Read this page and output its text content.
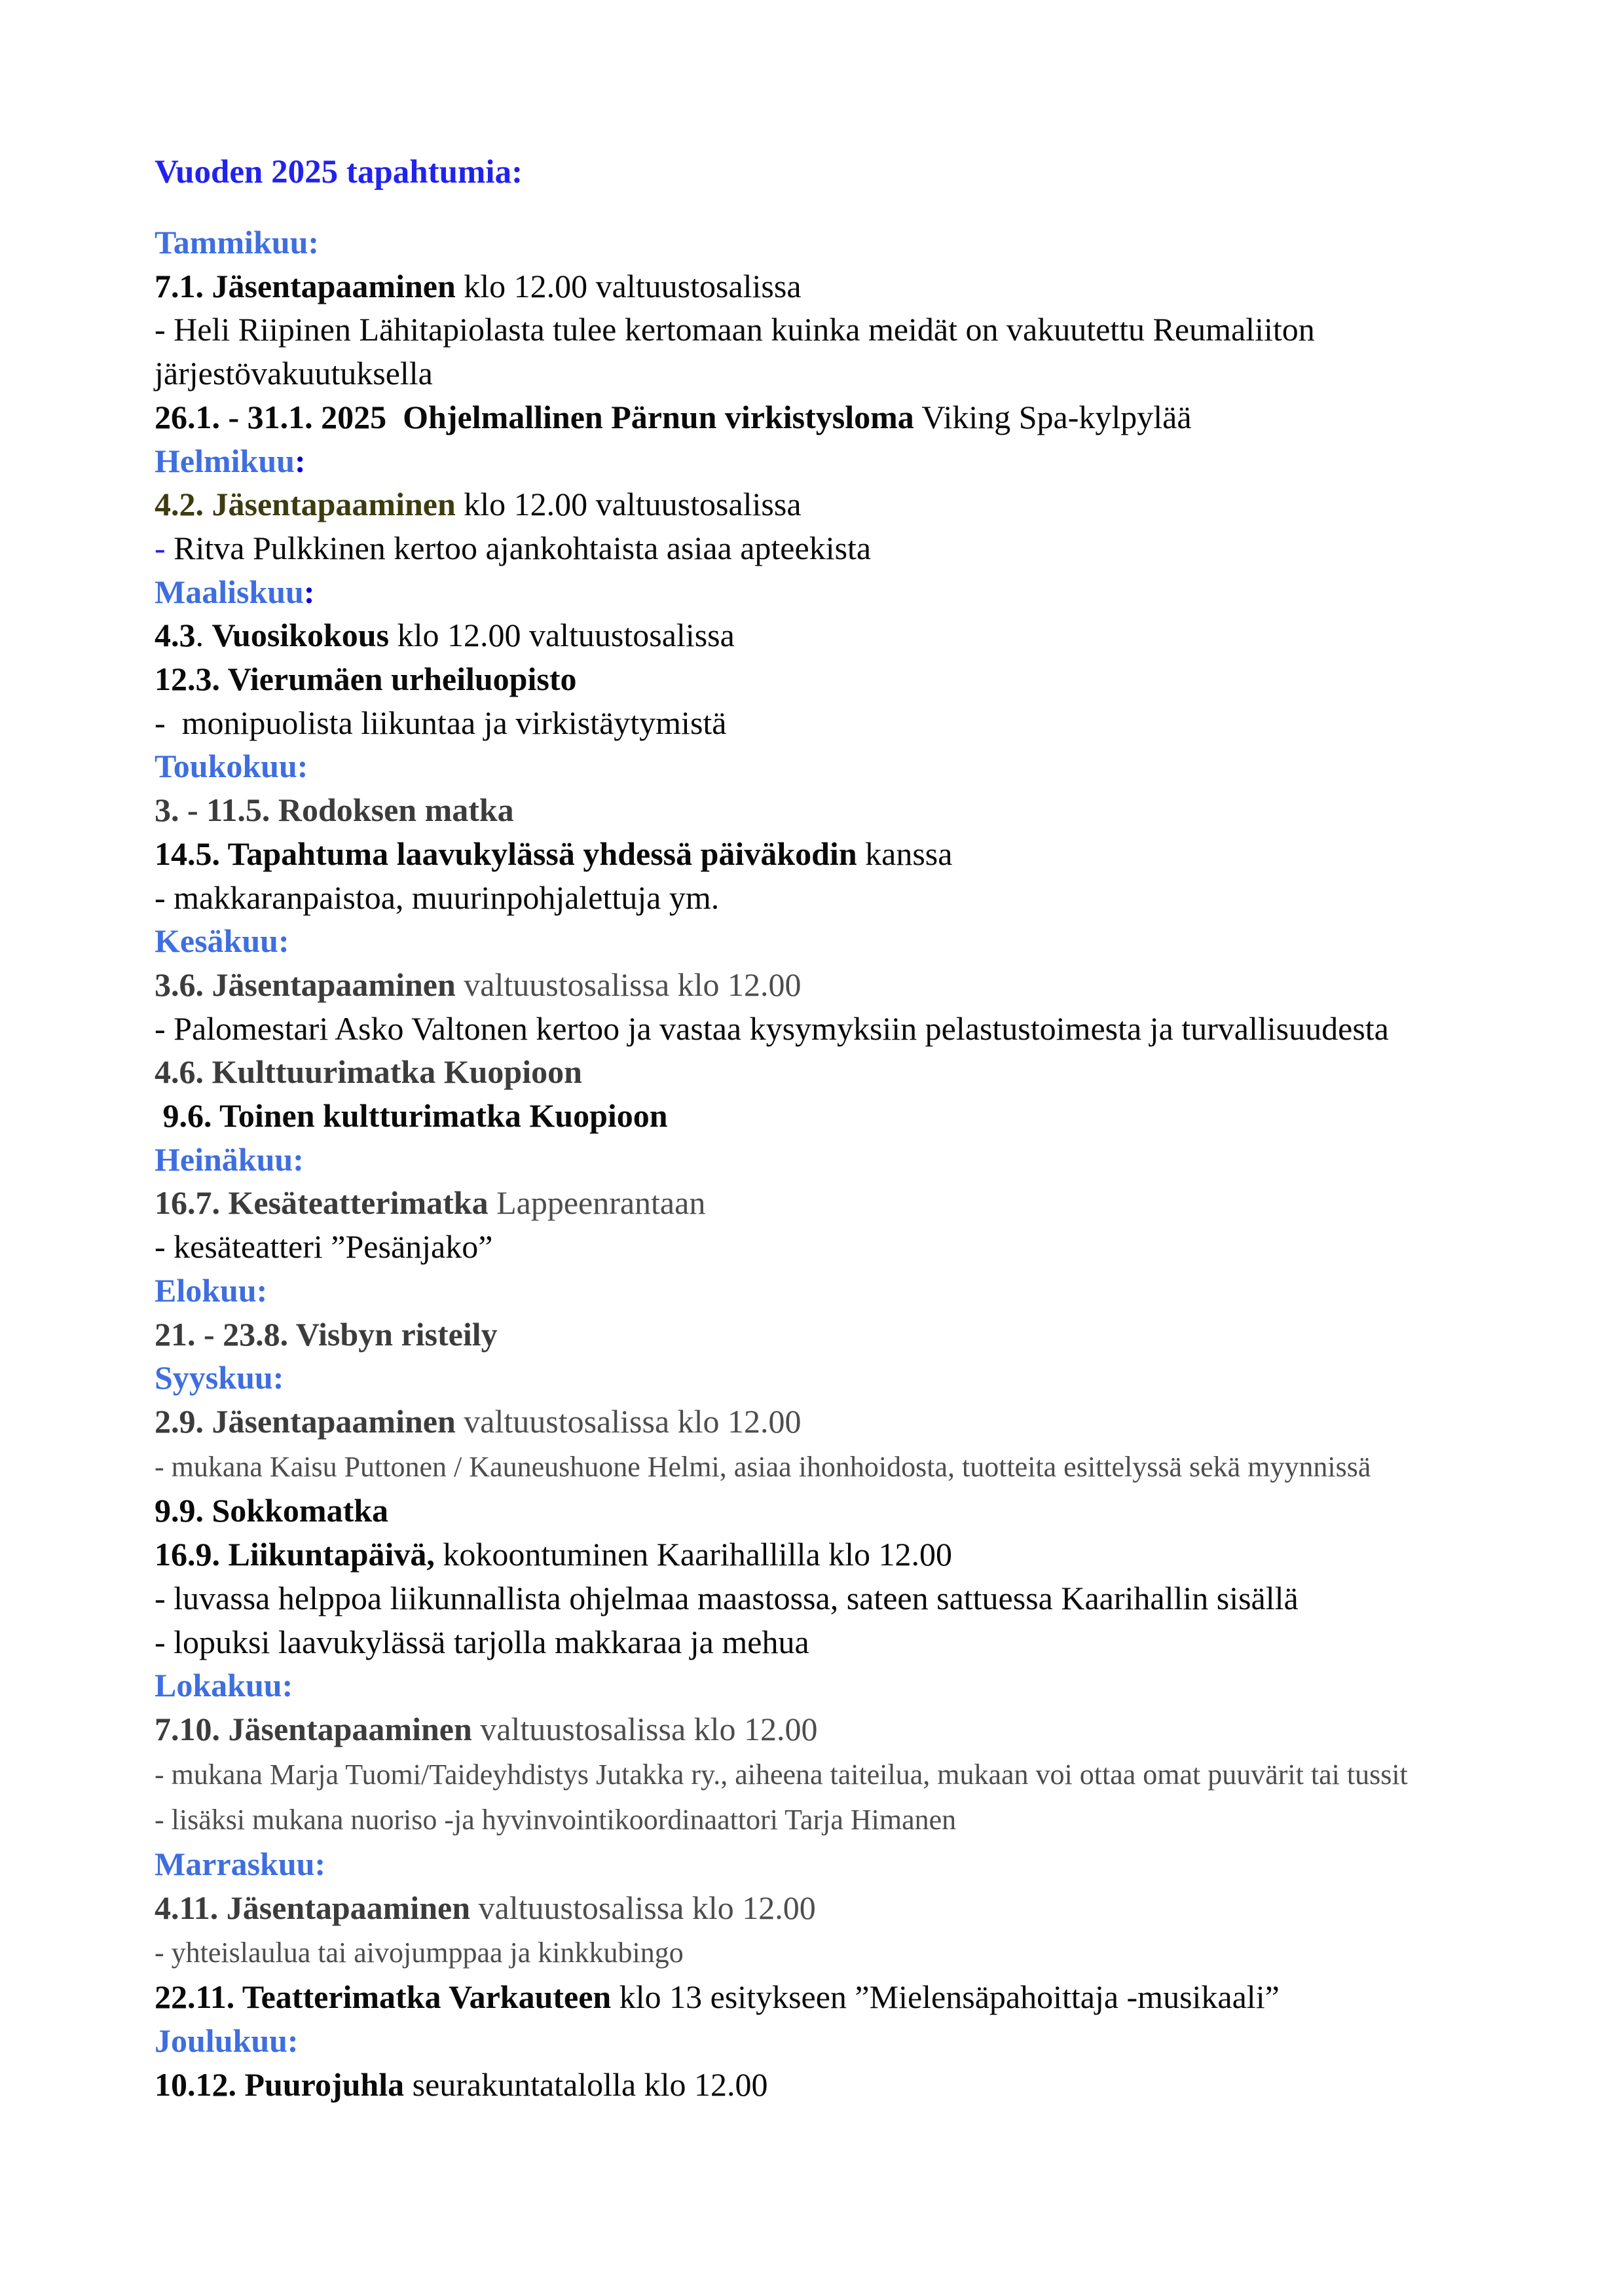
Vuoden 2025 tapahtumia:
Tammikuu:
7.1. Jäsentapaaminen klo 12.00 valtuustosalissa
- Heli Riipinen Lähitapiolasta tulee kertomaan kuinka meidät on vakuutettu Reumaliiton
järjestövakuutuksella
26.1. - 31.1. 2025  Ohjelmallinen Pärnun virkistysloma Viking Spa-kylpylää
Helmikuu:
4.2. Jäsentapaaminen klo 12.00 valtuustosalissa
- Ritva Pulkkinen kertoo ajankohtaista asiaa apteekista
Maaliskuu:
4.3. Vuosikokous klo 12.00 valtuustosalissa
12.3. Vierumäen urheiluopisto
-  monipuolista liikuntaa ja virkistäytymistä
Toukokuu:
3. - 11.5. Rodoksen matka
14.5. Tapahtuma laavukylässä yhdessä päiväkodin kanssa
- makkaranpaistoa, muurinpohjalettuja ym.
Kesäkuu:
3.6. Jäsentapaaminen valtuustosalissa klo 12.00
- Palomestari Asko Valtonen kertoo ja vastaa kysymyksiin pelastustoimesta ja turvallisuudesta
4.6. Kulttuurimatka Kuopioon
9.6. Toinen kultturimatka Kuopioon
Heinäkuu:
16.7. Kesäteatterimatka Lappeenrantaan
- kesäteatteri ”Pesänjako”
Elokuu:
21. - 23.8. Visbyn risteily
Syyskuu:
2.9. Jäsentapaaminen valtuustosalissa klo 12.00
- mukana Kaisu Puttonen / Kauneushuone Helmi, asiaa ihonhoidosta, tuotteita esittelyssä sekä myynnissä
9.9. Sokkomatka
16.9. Liikuntapäivä, kokoontuminen Kaarihallilla klo 12.00
- luvassa helppoa liikunnallista ohjelmaa maastossa, sateen sattuessa Kaarihallin sisällä
- lopuksi laavukylässä tarjolla makkaraa ja mehua
Lokakuu:
7.10. Jäsentapaaminen valtuustosalissa klo 12.00
- mukana Marja Tuomi/Taideyhdistys Jutakka ry., aiheena taiteilua, mukaan voi ottaa omat puuvärit tai tussit
- lisäksi mukana nuoriso -ja hyvinvointikoordinaattori Tarja Himanen
Marraskuu:
4.11. Jäsentapaaminen valtuustosalissa klo 12.00
- yhteislaulua tai aivojumppaa ja kinkkubingo
22.11. Teatterimatka Varkauteen klo 13 esitykseen ”Mielensäpahoittaja -musikaali”
Joulukuu:
10.12. Puurojuhla seurakuntatalolla klo 12.00
